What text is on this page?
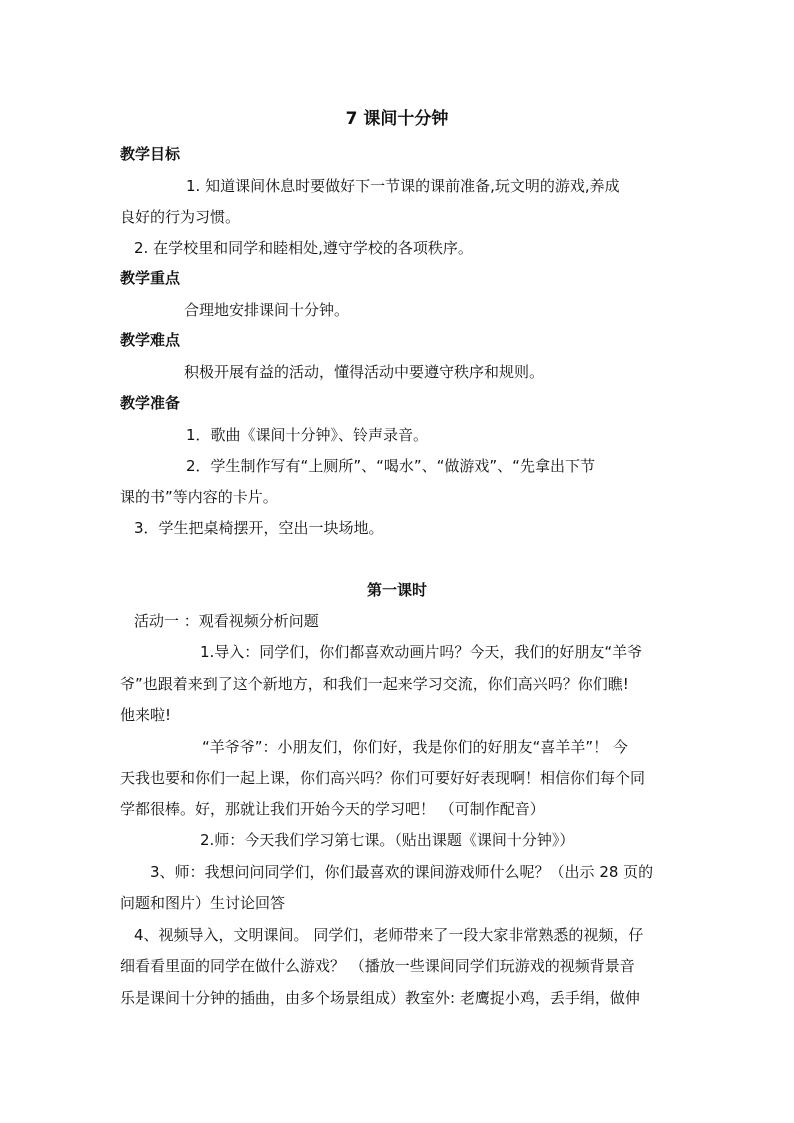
7 课间十分钟
教学目标
1. 知道课间休息时要做好下一节课的课前准备,玩文明的游戏,养成
良好的行为习惯。
2. 在学校里和同学和睦相处,遵守学校的各项秩序。
教学重点
合理地安排课间十分钟。
教学难点
积极开展有益的活动，懂得活动中要遵守秩序和规则。
教学准备
1．歌曲《课间十分钟》、铃声录音。
2．学生制作写有“上厕所”、“喝水”、“做游戏”、“先拿出下节
课的书”等内容的卡片。
3．学生把桌椅摆开，空出一块场地。
第一课时
活动一 ：观看视频分析问题
1.导入：同学们，你们都喜欢动画片吗？今天，我们的好朋友“羊爷
爷”也跟着来到了这个新地方，和我们一起来学习交流，你们高兴吗？你们瞧!
他来啦!
“羊爷爷”：小朋友们，你们好，我是你们的好朋友“喜羊羊”！ 今
天我也要和你们一起上课，你们高兴吗？你们可要好好表现啊！相信你们每个同
学都很棒。好，那就让我们开始今天的学习吧！ （可制作配音）
2.师：今天我们学习第七课。（贴出课题《课间十分钟》）
3、师：我想问问同学们，你们最喜欢的课间游戏师什么呢？（出示 28 页的
问题和图片）生讨论回答
4、视频导入，文明课间。 同学们，老师带来了一段大家非常熟悉的视频，仔
细看看里面的同学在做什么游戏？ （播放一些课间同学们玩游戏的视频背景音
乐是课间十分钟的插曲，由多个场景组成）教室外: 老鹰捉小鸡，丢手绢，做伸
